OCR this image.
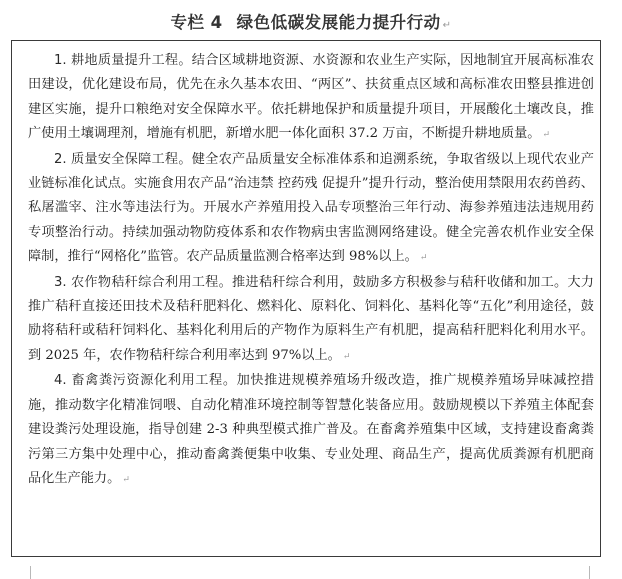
专栏 4 绿色低碳发展能力提升行动 ↵

1. 耕地质量提升工程。结合区域耕地资源、水资源和农业生产实际，因地制宜开展高标准农田建设，优化建设布局，优先在永久基本农田、“两区”、扶贫重点区域和高标准农田整县推进创建区实施，提升口粮绝对安全保障水平。依托耕地保护和质量提升项目，开展酸化土壤改良，推广使用土壤调理剂，增施有机肥，新增水肥一体化面积 37.2 万亩，不断提升耕地质量。 ↵

2. 质量安全保障工程。健全农产品质量安全标准体系和追溯系统，争取省级以上现代农业产业链标准化试点。实施食用农产品“治违禁 控药残 促提升”提升行动，整治使用禁限用农药兽药、私屠滥宰、注水等违法行为。开展水产养殖用投入品专项整治三年行动、海参养殖违法违规用药专项整治行动。持续加强动物防疫体系和农作物病虫害监测网络建设。健全完善农机作业安全保障制，推行“网格化”监管。农产品质量监测合格率达到 98%以上。 ↵

3. 农作物秸秆综合利用工程。推进秸秆综合利用，鼓励多方积极参与秸秆收储和加工。大力推广秸秆直接还田技术及秸秆肥料化、燃料化、原料化、饲料化、基料化等“五化”利用途径，鼓励将秸秆或秸秆饲料化、基料化利用后的产物作为原料生产有机肥，提高秸秆肥料化利用水平。到 2025 年，农作物秸秆综合利用率达到 97%以上。 ↵

4. 畜禽粪污资源化利用工程。加快推进规模养殖场升级改造，推广规模养殖场异味减控措施，推动数字化精准饲喂、自动化精准环境控制等智慧化装备应用。鼓励规模以下养殖主体配套建设粪污处理设施，指导创建 2-3 种典型模式推广普及。在畜禽养殖集中区域，支持建设畜禽粪污第三方集中处理中心，推动畜禽粪便集中收集、专业处理、商品生产，提高优质粪源有机肥商品化生产能力。 ↵
